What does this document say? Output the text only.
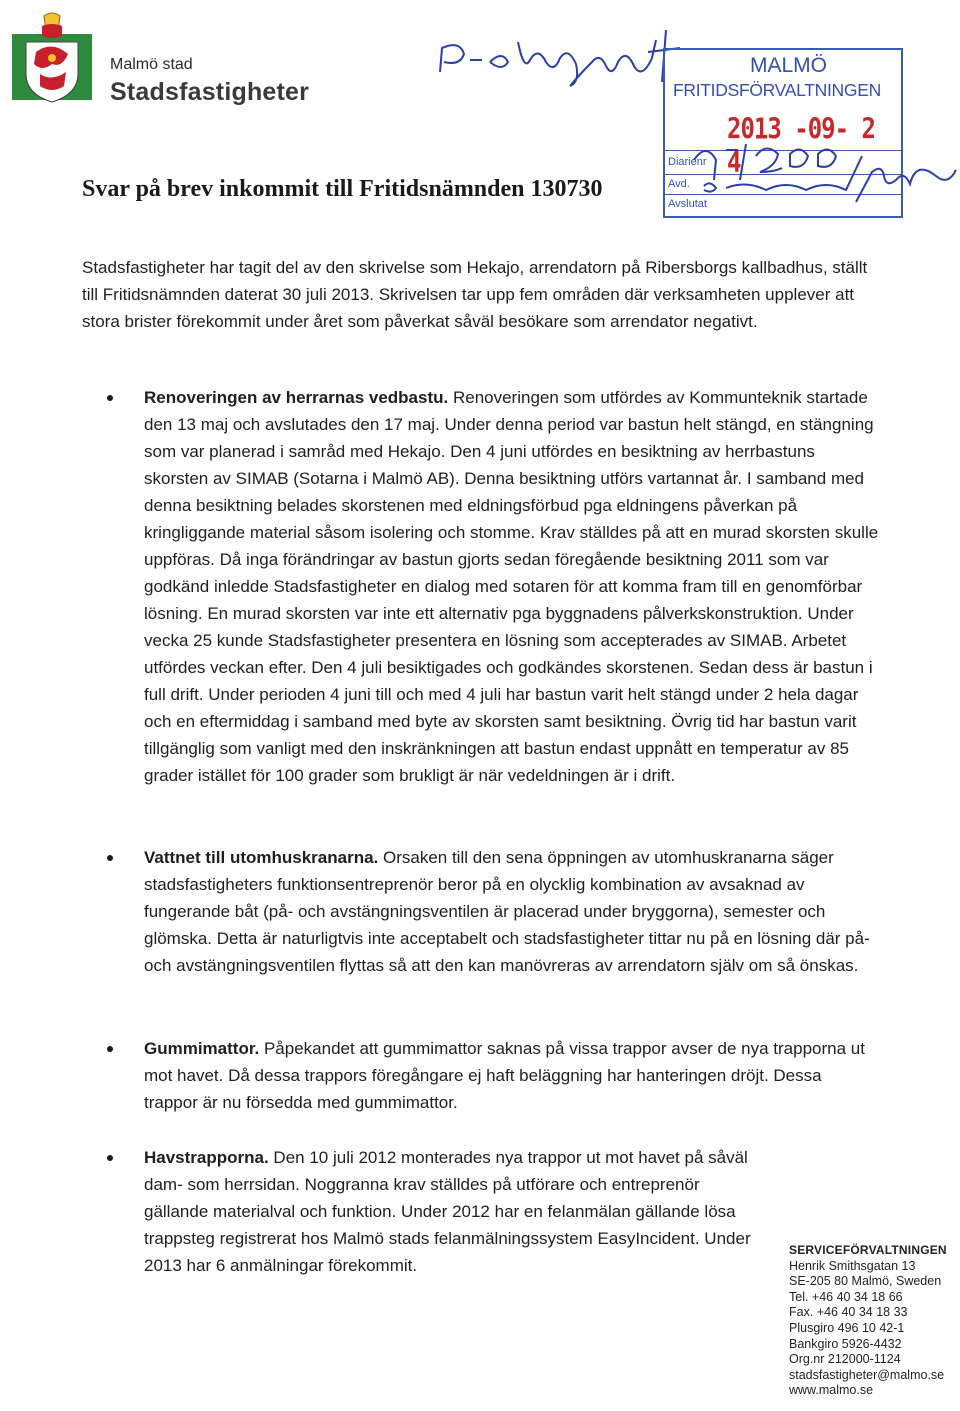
Malmö stad
Stadsfastigheter
MALMÖ
FRITIDSFÖRVALTNINGEN
2013 -09- 2 4
Diarienr
Avd.
Avslutat
Svar på brev inkommit till Fritidsnämnden 130730
Stadsfastigheter har tagit del av den skrivelse som Hekajo, arrendatorn på Ribersborgs kallbadhus, ställt till Fritidsnämnden daterat 30 juli 2013. Skrivelsen tar upp fem områden där verksamheten upplever att stora brister förekommit under året som påverkat såväl besökare som arrendator negativt.
Renoveringen av herrarnas vedbastu. Renoveringen som utfördes av Kommunteknik startade den 13 maj och avslutades den 17 maj. Under denna period var bastun helt stängd, en stängning som var planerad i samråd med Hekajo. Den 4 juni utfördes en besiktning av herrbastuns skorsten av SIMAB (Sotarna i Malmö AB). Denna besiktning utförs vartannat år. I samband med denna besiktning belades skorstenen med eldningsförbud pga eldningens påverkan på kringliggande material såsom isolering och stomme. Krav ställdes på att en murad skorsten skulle uppföras. Då inga förändringar av bastun gjorts sedan föregående besiktning 2011 som var godkänd inledde Stadsfastigheter en dialog med sotaren för att komma fram till en genomförbar lösning. En murad skorsten var inte ett alternativ pga byggnadens pålverkskonstruktion. Under vecka 25 kunde Stadsfastigheter presentera en lösning som accepterades av SIMAB. Arbetet utfördes veckan efter. Den 4 juli besiktigades och godkändes skorstenen. Sedan dess är bastun i full drift. Under perioden 4 juni till och med 4 juli har bastun varit helt stängd under 2 hela dagar och en eftermiddag i samband med byte av skorsten samt besiktning. Övrig tid har bastun varit tillgänglig som vanligt med den inskränkningen att bastun endast uppnått en temperatur av 85 grader istället för 100 grader som brukligt är när vedeldningen är i drift.
Vattnet till utomhuskranarna. Orsaken till den sena öppningen av utomhuskranarna säger stadsfastigheters funktionsentreprenör beror på en olycklig kombination av avsaknad av fungerande båt (på- och avstängningsventilen är placerad under bryggorna), semester och glömska. Detta är naturligtvis inte acceptabelt och stadsfastigheter tittar nu på en lösning där på- och avstängningsventilen flyttas så att den kan manövreras av arrendatorn själv om så önskas.
Gummimattor. Påpekandet att gummimattor saknas på vissa trappor avser de nya trapporna ut mot havet. Då dessa trappors föregångare ej haft beläggning har hanteringen dröjt. Dessa trappor är nu försedda med gummimattor.
Havstrapporna. Den 10 juli 2012 monterades nya trappor ut mot havet på såväl dam- som herrsidan. Noggranna krav ställdes på utförare och entreprenör gällande materialval och funktion. Under 2012 har en felanmälan gällande lösa trappsteg registrerat hos Malmö stads felanmälningssystem EasyIncident. Under 2013 har 6 anmälningar förekommit.
SERVICEFÖRVALTNINGEN
Henrik Smithsgatan 13
SE-205 80 Malmö, Sweden
Tel. +46 40 34 18 66
Fax. +46 40 34 18 33
Plusgiro 496 10 42-1
Bankgiro 5926-4432
Org.nr 212000-1124
stadsfastigheter@malmo.se
www.malmo.se
